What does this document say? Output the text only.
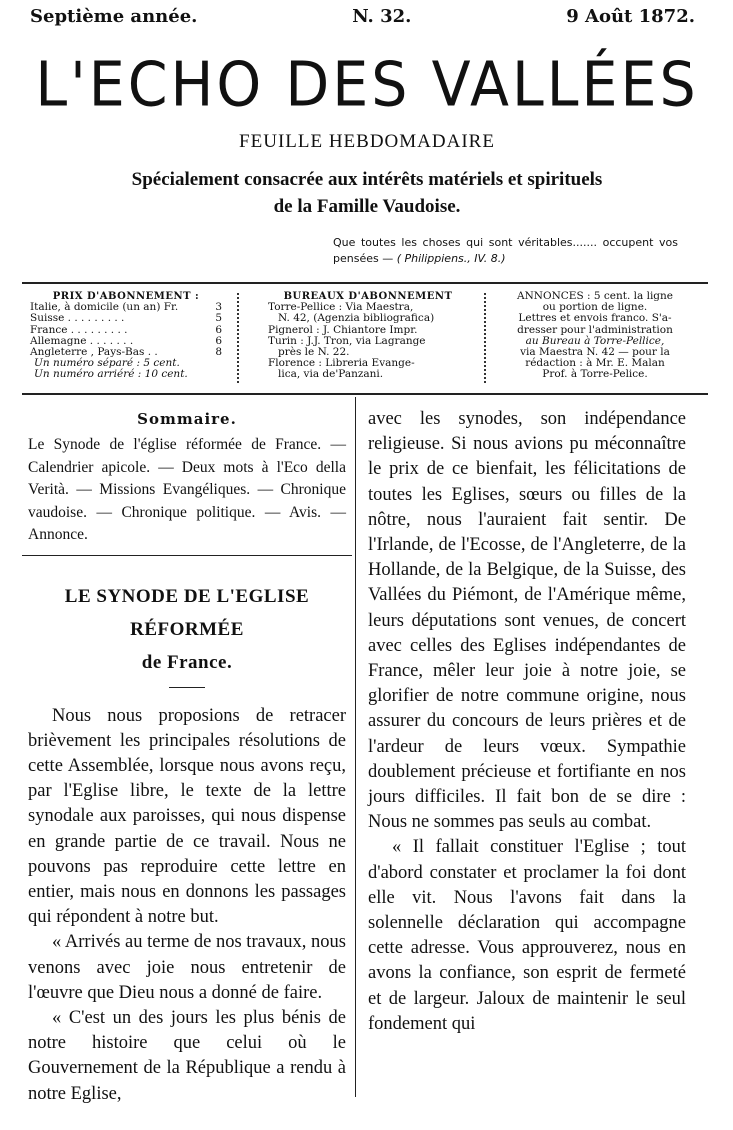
Septième année.	N. 32.	9 Août 1872.
L'ECHO DES VALLÉES
FEUILLE HEBDOMADAIRE
Spécialement consacrée aux intérêts matériels et spirituels
de la Famille Vaudoise.
Que toutes les choses qui sont véritables....... occupent vos pensées — ( Philippiens., IV. 8.)
PRIX D'ABONNEMENT :
Italie, à domicile (un an) Fr.	3
Suisse . . . . . . . . .	5
France . . . . . . . . .	6
Allemagne . . . . . . .	6
Angleterre , Pays-Bas . .	8
Un numéro séparé : 5 cent.
Un numéro arriéré : 10 cent.
BUREAUX D'ABONNEMENT
Torre-Pellice : Via Maestra,
N. 42, (Agenzia bibliografica)
Pignerol : J. Chiantore Impr.
Turin : J.J. Tron, via Lagrange
près le N. 22.
Florence : Libreria Evange-
lica, via de'Panzani.
ANNONCES : 5 cent. la ligne
ou portion de ligne.
Lettres et envois franco. S'a-
dresser pour l'administration
au Bureau à Torre-Pellice,
via Maestra N. 42 — pour la
rédaction : à Mr. E. Malan
Prof. à Torre-Pelice.
Sommaire.
Le Synode de l'église réformée de France. — Calendrier apicole. — Deux mots à l'Eco della Verità. — Missions Evangéliques. — Chronique vaudoise. — Chronique politique. — Avis. — Annonce.
LE SYNODE DE L'EGLISE RÉFORMÉE
de France.

Nous nous proposions de retracer brièvement les principales résolutions de cette Assemblée, lorsque nous avons reçu, par l'Eglise libre, le texte de la lettre synodale aux paroisses, qui nous dispense en grande partie de ce travail. Nous ne pouvons pas reproduire cette lettre en entier, mais nous en donnons les passages qui répondent à notre but.

« Arrivés au terme de nos travaux, nous venons avec joie nous entretenir de l'œuvre que Dieu nous a donné de faire.

« C'est un des jours les plus bénis de notre histoire que celui où le Gouvernement de la République a rendu à notre Eglise,

avec les synodes, son indépendance religieuse. Si nous avions pu méconnaître le prix de ce bienfait, les félicitations de toutes les Eglises, sœurs ou filles de la nôtre, nous l'auraient fait sentir. De l'Irlande, de l'Ecosse, de l'Angleterre, de la Hollande, de la Belgique, de la Suisse, des Vallées du Piémont, de l'Amérique même, leurs députations sont venues, de concert avec celles des Eglises indépendantes de France, mêler leur joie à notre joie, se glorifier de notre commune origine, nous assurer du concours de leurs prières et de l'ardeur de leurs vœux. Sympathie doublement précieuse et fortifiante en nos jours difficiles. Il fait bon de se dire : Nous ne sommes pas seuls au combat.

« Il fallait constituer l'Eglise ; tout d'abord constater et proclamer la foi dont elle vit. Nous l'avons fait dans la solennelle déclaration qui accompagne cette adresse. Vous approuverez, nous en avons la confiance, son esprit de fermeté et de largeur. Jaloux de maintenir le seul fondement qui
